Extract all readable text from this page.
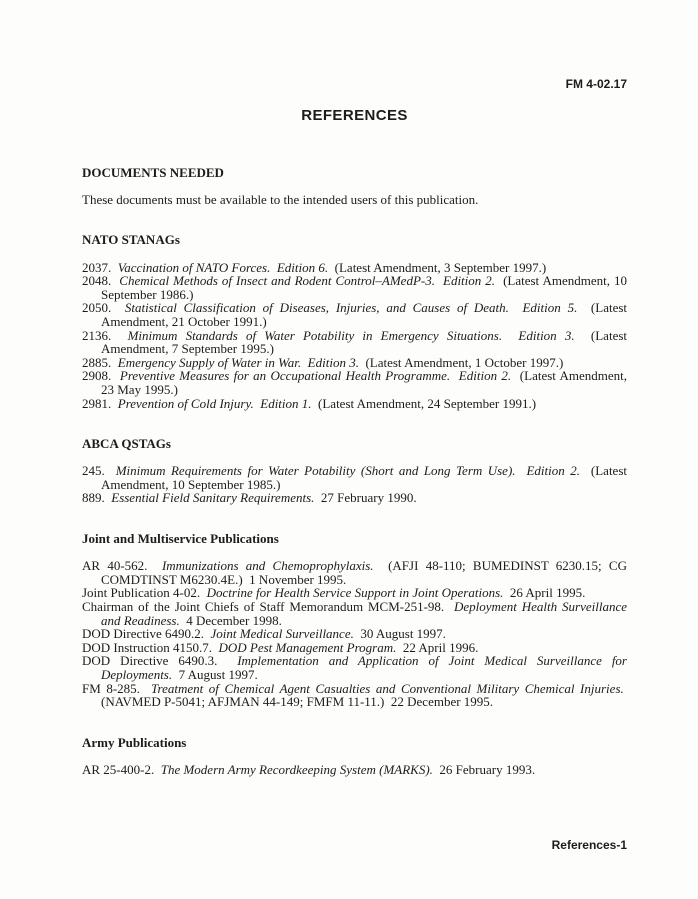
FM 4-02.17
REFERENCES
DOCUMENTS NEEDED

These documents must be available to the intended users of this publication.

NATO STANAGs

2037.  Vaccination of NATO Forces.  Edition 6.  (Latest Amendment, 3 September 1997.)

2048.  Chemical Methods of Insect and Rodent Control–AMedP-3.  Edition 2.  (Latest Amendment, 10 September 1986.)

2050.  Statistical Classification of Diseases, Injuries, and Causes of Death.  Edition 5.  (Latest Amendment, 21 October 1991.)

2136.  Minimum Standards of Water Potability in Emergency Situations.  Edition 3.  (Latest Amendment, 7 September 1995.)

2885.  Emergency Supply of Water in War.  Edition 3.  (Latest Amendment, 1 October 1997.)

2908.  Preventive Measures for an Occupational Health Programme.  Edition 2.  (Latest Amendment, 23 May 1995.)

2981.  Prevention of Cold Injury.  Edition 1.  (Latest Amendment, 24 September 1991.)

ABCA QSTAGs

245.  Minimum Requirements for Water Potability (Short and Long Term Use).  Edition 2.  (Latest Amendment, 10 September 1985.)

889.  Essential Field Sanitary Requirements.  27 February 1990.

Joint and Multiservice Publications

AR 40-562.  Immunizations and Chemoprophylaxis.  (AFJI 48-110; BUMEDINST 6230.15; CG COMDTINST M6230.4E.)  1 November 1995.

Joint Publication 4-02.  Doctrine for Health Service Support in Joint Operations.  26 April 1995.

Chairman of the Joint Chiefs of Staff Memorandum MCM-251-98.  Deployment Health Surveillance and Readiness.  4 December 1998.

DOD Directive 6490.2.  Joint Medical Surveillance.  30 August 1997.

DOD Instruction 4150.7.  DOD Pest Management Program.  22 April 1996.

DOD Directive 6490.3.  Implementation and Application of Joint Medical Surveillance for Deployments.  7 August 1997.

FM 8-285.  Treatment of Chemical Agent Casualties and Conventional Military Chemical Injuries.  (NAVMED P-5041; AFJMAN 44-149; FMFM 11-11.)  22 December 1995.

Army Publications

AR 25-400-2.  The Modern Army Recordkeeping System (MARKS).  26 February 1993.

References-1
